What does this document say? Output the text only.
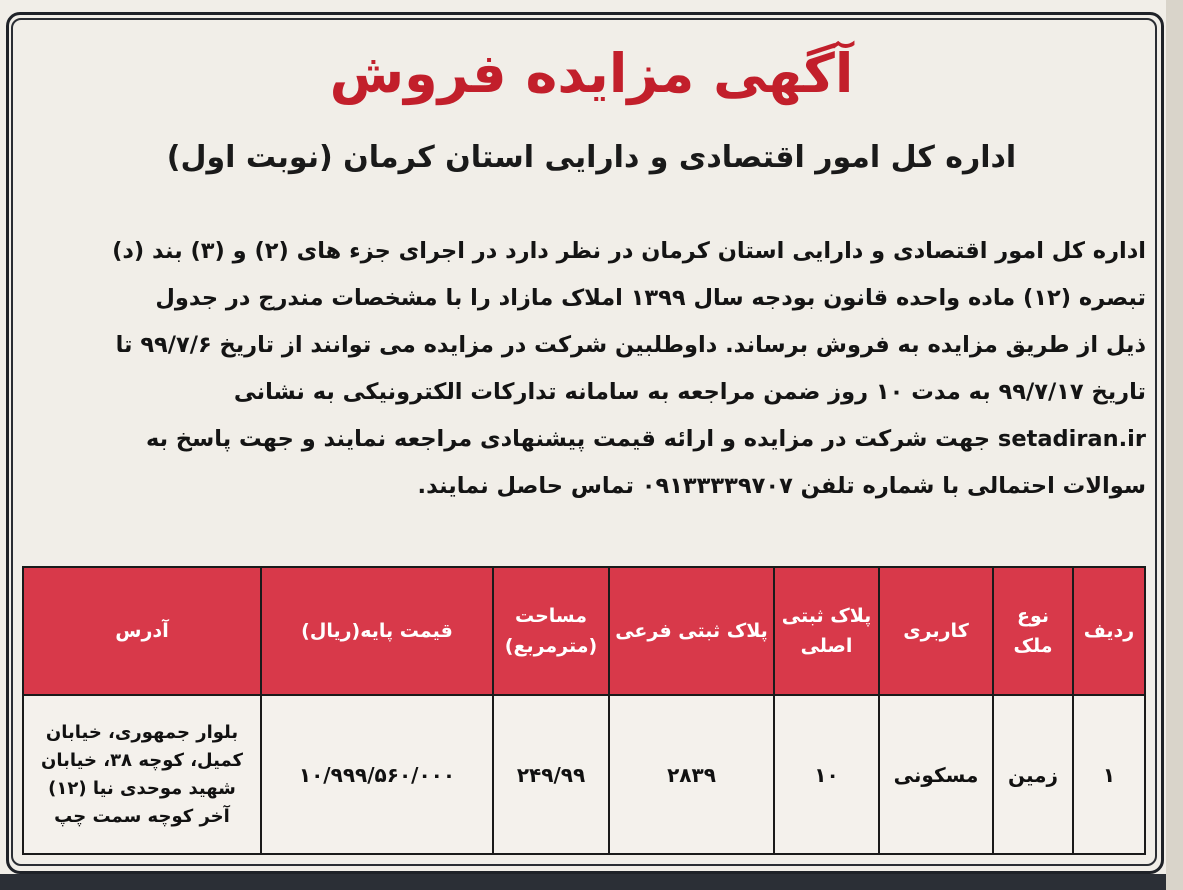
آگهی مزایده فروش
اداره کل امور اقتصادی و دارایی استان کرمان (نوبت اول)
اداره کل امور اقتصادی و دارایی استان کرمان در نظر دارد در اجرای جزء های (۲) و (۳) بند (د)
تبصره (۱۲) ماده واحده قانون بودجه سال ۱۳۹۹ املاک مازاد را با مشخصات مندرج در جدول
ذیل از طریق مزایده به فروش برساند. داوطلبین شرکت در مزایده می توانند از تاریخ ۹۹/۷/۶ تا
تاریخ ۹۹/۷/۱۷ به مدت ۱۰ روز ضمن مراجعه به سامانه تدارکات الکترونیکی به نشانی
setadiran.ir جهت شرکت در مزایده و ارائه قیمت پیشنهادی مراجعه نمایند و جهت پاسخ به
سوالات احتمالی با شماره تلفن ۰۹۱۳۳۳۳۹۷۰۷ تماس حاصل نمایند.
ردیف	نوع ملک	کاربری	پلاک ثبتی اصلی	پلاک ثبتی فرعی	مساحت (مترمربع)	قیمت پایه(ریال)	آدرس
۱	زمین	مسکونی	۱۰	۲۸۳۹	۲۴۹/۹۹	۱۰/۹۹۹/۵۶۰/۰۰۰	بلوار جمهوری، خیابان کمیل، کوچه ۳۸، خیابان شهید موحدی نیا (۱۲) آخر کوچه سمت چپ
